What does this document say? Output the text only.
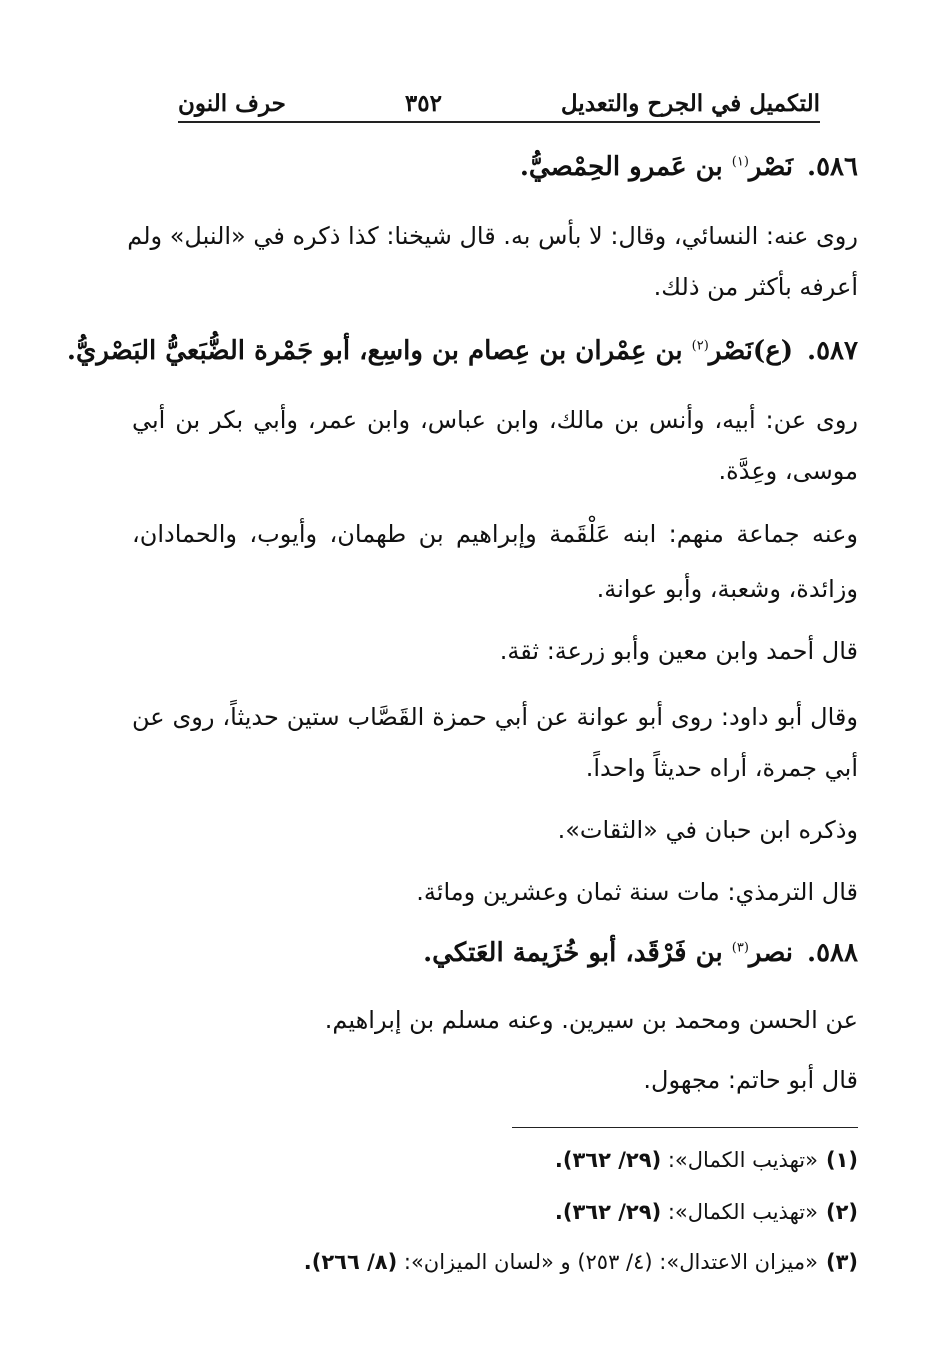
التكميل في الجرح والتعديل
٣٥٢
حرف النون
٥٨٦.نَصْر$^{(١)}$ بن عَمرو الحِمْصيُّ.
روى عنه: النسائي، وقال: لا بأس به. قال شيخنا: كذا ذكره في «النبل» ولم
أعرفه بأكثر من ذلك.
٥٨٧.(ع)نَصْر$^{(٢)}$ بن عِمْران بن عِصام بن واسِع، أبو جَمْرة الضُّبَعيُّ البَصْريُّ.
روى عن: أبيه، وأنس بن مالك، وابن عباس، وابن عمر، وأبي بكر بن أبي
موسى، وعِدَّة.
وعنه جماعة منهم: ابنه عَلْقَمة وإبراهيم بن طهمان، وأيوب، والحمادان،
وزائدة، وشعبة، وأبو عوانة.
قال أحمد وابن معين وأبو زرعة: ثقة.
وقال أبو داود: روى أبو عوانة عن أبي حمزة القَصَّاب ستين حديثاً، روى عن
أبي جمرة، أراه حديثاً واحداً.
وذكره ابن حبان في «الثقات».
قال الترمذي: مات سنة ثمان وعشرين ومائة.
٥٨٨.نصر$^{(٣)}$ بن فَرْقَد، أبو خُزَيمة العَتكي.
عن الحسن ومحمد بن سيرين. وعنه مسلم بن إبراهيم.
قال أبو حاتم: مجهول.
(١)«تهذيب الكمال»: (٢٩/ ٣٦٢).
(٢)«تهذيب الكمال»: (٢٩/ ٣٦٢).
(٣)«ميزان الاعتدال»: (٤/ ٢٥٣) و «لسان الميزان»: (٨/ ٢٦٦).
